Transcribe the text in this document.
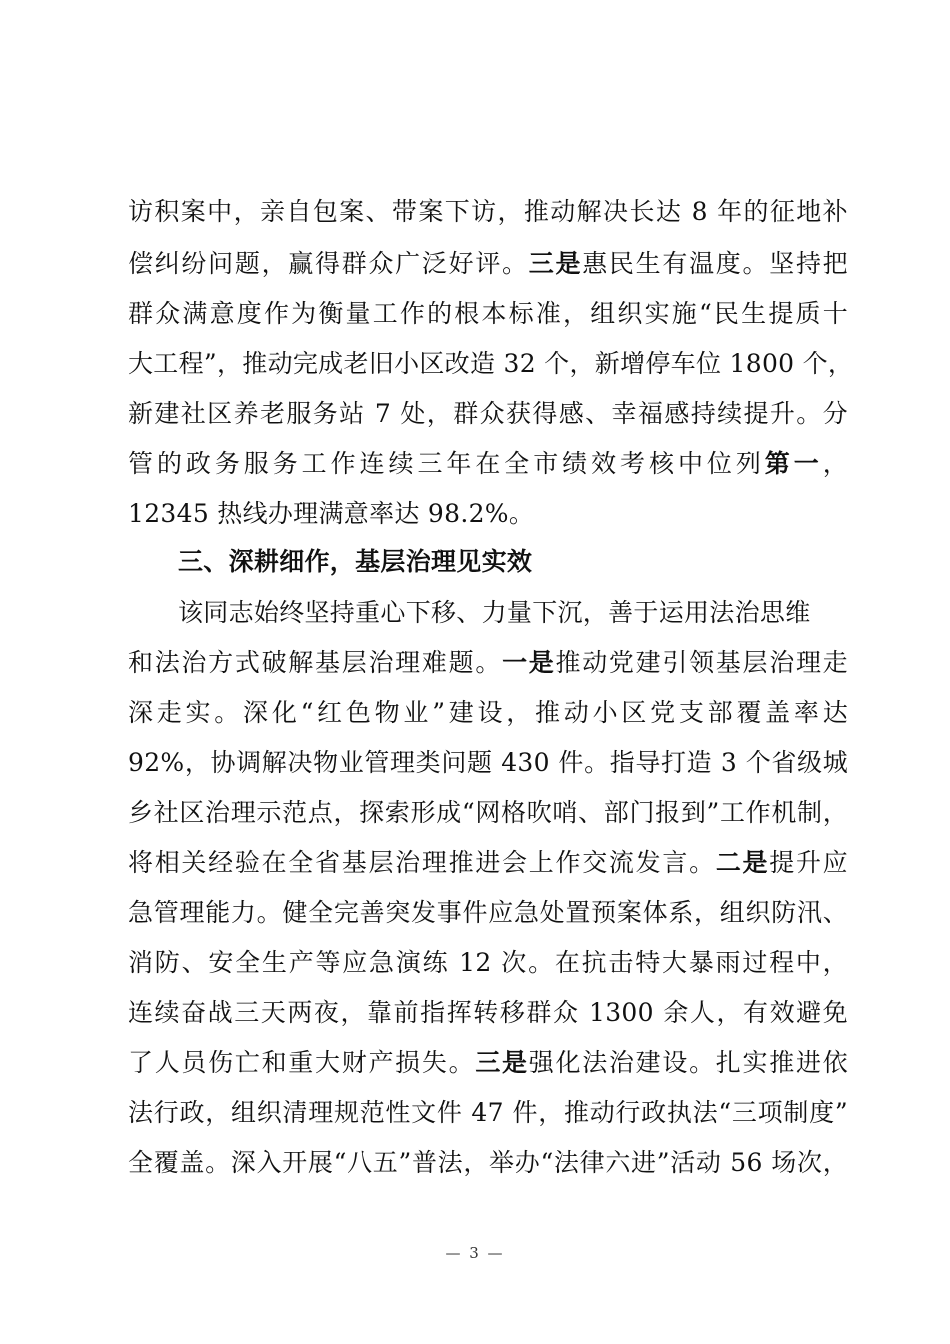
访积案中，亲自包案、带案下访，推动解决长达 8 年的征地补
偿纠纷问题，赢得群众广泛好评。三是惠民生有温度。坚持把
群众满意度作为衡量工作的根本标准，组织实施“民生提质十
大工程”，推动完成老旧小区改造 32 个，新增停车位 1800 个，
新建社区养老服务站 7 处，群众获得感、幸福感持续提升。分
管的政务服务工作连续三年在全市绩效考核中位列第一，
12345 热线办理满意率达 98.2%。
三、深耕细作，基层治理见实效
该同志始终坚持重心下移、力量下沉，善于运用法治思维
和法治方式破解基层治理难题。一是推动党建引领基层治理走
深走实。深化“红色物业”建设，推动小区党支部覆盖率达
92%，协调解决物业管理类问题 430 件。指导打造 3 个省级城
乡社区治理示范点，探索形成“网格吹哨、部门报到”工作机制，
将相关经验在全省基层治理推进会上作交流发言。二是提升应
急管理能力。健全完善突发事件应急处置预案体系，组织防汛、
消防、安全生产等应急演练 12 次。在抗击特大暴雨过程中，
连续奋战三天两夜，靠前指挥转移群众 1300 余人，有效避免
了人员伤亡和重大财产损失。三是强化法治建设。扎实推进依
法行政，组织清理规范性文件 47 件，推动行政执法“三项制度”
全覆盖。深入开展“八五”普法，举办“法律六进”活动 56 场次，
— 3 —
